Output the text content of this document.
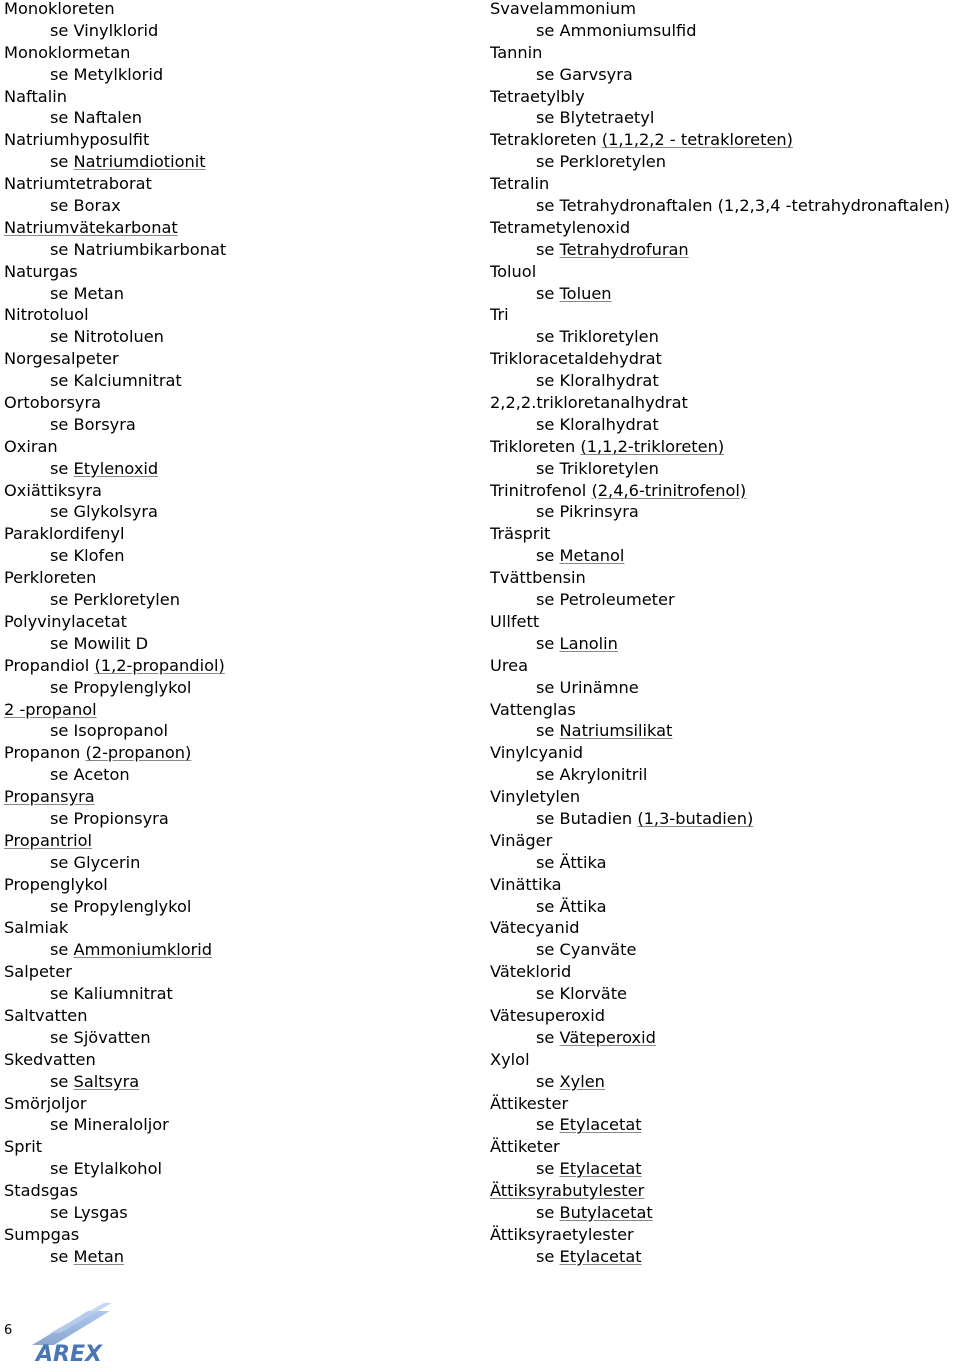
Monokloreten
se Vinylklorid
Monoklormetan
se Metylklorid
Naftalin
se Naftalen
Natriumhyposulfit
se Natriumdiotionit
Natriumtetraborat
se Borax
Natriumvätekarbonat
se Natriumbikarbonat
Naturgas
se Metan
Nitrotoluol
se Nitrotoluen
Norgesalpeter
se Kalciumnitrat
Ortoborsyra
se Borsyra
Oxiran
se Etylenoxid
Oxiättiksyra
se Glykolsyra
Paraklordifenyl
se Klofen
Perkloreten
se Perkloretylen
Polyvinylacetat
se Mowilit D
Propandiol (1,2-propandiol)
se Propylenglykol
2 -propanol
se Isopropanol
Propanon (2-propanon)
se Aceton
Propansyra
se Propionsyra
Propantriol
se Glycerin
Propenglykol
se Propylenglykol
Salmiak
se Ammoniumklorid
Salpeter
se Kaliumnitrat
Saltvatten
se Sjövatten
Skedvatten
se Saltsyra
Smörjoljor
se Mineraloljor
Sprit
se Etylalkohol
Stadsgas
se Lysgas
Sumpgas
se Metan
Svavelammonium
se Ammoniumsulfid
Tannin
se Garvsyra
Tetraetylbly
se Blytetraetyl
Tetrakloreten (1,1,2,2 - tetrakloreten)
se Perkloretylen
Tetralin
se Tetrahydronaftalen (1,2,3,4 -tetrahydronaftalen)
Tetrametylenoxid
se Tetrahydrofuran
Toluol
se Toluen
Tri
se Trikloretylen
Trikloracetaldehydrat
se Kloralhydrat
2,2,2.trikloretanalhydrat
se Kloralhydrat
Trikloreten (1,1,2-trikloreten)
se Trikloretylen
Trinitrofenol (2,4,6-trinitrofenol)
se Pikrinsyra
Träsprit
se Metanol
Tvättbensin
se Petroleumeter
Ullfett
se Lanolin
Urea
se Urinämne
Vattenglas
se Natriumsilikat
Vinylcyanid
se Akrylonitril
Vinyletylen
se Butadien (1,3-butadien)
Vinäger
se Ättika
Vinättika
se Ättika
Vätecyanid
se Cyanväte
Väteklorid
se Klorväte
Vätesuperoxid
se Väteperoxid
Xylol
se Xylen
Ättikester
se Etylacetat
Ättiketer
se Etylacetat
Ättiksyrabutylester
se Butylacetat
Ättiksyraetylester
se Etylacetat
6
AREX
